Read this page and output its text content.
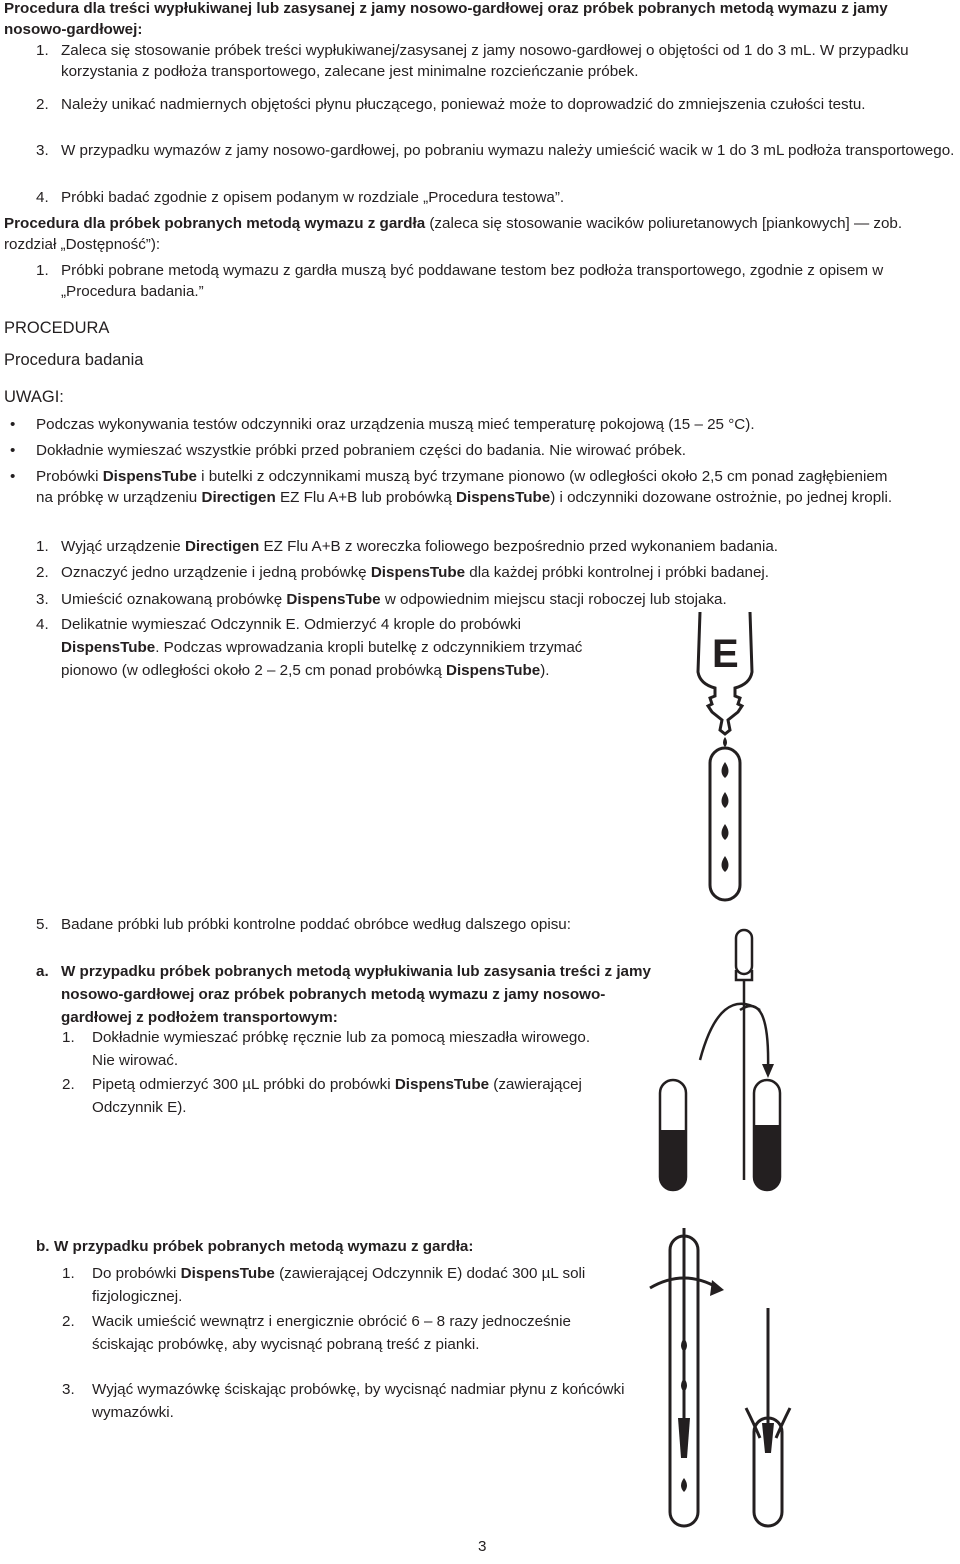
Procedura dla treści wypłukiwanej lub zasysanej z jamy nosowo-gardłowej oraz próbek pobranych metodą wymazu z jamy nosowo-gardłowej:
1. Zaleca się stosowanie próbek treści wypłukiwanej/zasysanej z jamy nosowo-gardłowej o objętości od 1 do 3 mL. W przypadku korzystania z podłoża transportowego, zalecane jest minimalne rozcieńczanie próbek.
2. Należy unikać nadmiernych objętości płynu płuczącego, ponieważ może to doprowadzić do zmniejszenia czułości testu.
3. W przypadku wymazów z jamy nosowo-gardłowej, po pobraniu wymazu należy umieścić wacik w 1 do 3 mL podłoża transportowego.
4. Próbki badać zgodnie z opisem podanym w rozdziale „Procedura testowa”.
Procedura dla próbek pobranych metodą wymazu z gardła (zaleca się stosowanie wacików poliuretanowych [piankowych] — zob. rozdział „Dostępność”):
1. Próbki pobrane metodą wymazu z gardła muszą być poddawane testom bez podłoża transportowego, zgodnie z opisem w „Procedura badania.”
PROCEDURA
Procedura badania
UWAGI:
• Podczas wykonywania testów odczynniki oraz urządzenia muszą mieć temperaturę pokojową (15 – 25 °C).
• Dokładnie wymieszać wszystkie próbki przed pobraniem części do badania. Nie wirować próbek.
• Probówki DispensTube i butelki z odczynnikami muszą być trzymane pionowo (w odległości około 2,5 cm ponad zagłębieniem na próbkę w urządzeniu Directigen EZ Flu A+B lub probówką DispensTube) i odczynniki dozowane ostrożnie, po jednej kropli.
1. Wyjąć urządzenie Directigen EZ Flu A+B z woreczka foliowego bezpośrednio przed wykonaniem badania.
2. Oznaczyć jedno urządzenie i jedną probówkę DispensTube dla każdej próbki kontrolnej i próbki badanej.
3. Umieścić oznakowaną probówkę DispensTube w odpowiednim miejscu stacji roboczej lub stojaka.
4. Delikatnie wymieszać Odczynnik E. Odmierzyć 4 krople do probówki DispensTube. Podczas wprowadzania kropli butelkę z odczynnikiem trzymać pionowo (w odległości około 2 – 2,5 cm ponad probówką DispensTube).	E
5. Badane próbki lub próbki kontrolne poddać obróbce według dalszego opisu:
a. W przypadku próbek pobranych metodą wypłukiwania lub zasysania treści z jamy nosowo-gardłowej oraz próbek pobranych metodą wymazu z jamy nosowo-gardłowej z podłożem transportowym:
1. Dokładnie wymieszać próbkę ręcznie lub za pomocą mieszadła wirowego. Nie wirować.
2. Pipetą odmierzyć 300 µL próbki do probówki DispensTube (zawierającej Odczynnik E).
b. W przypadku próbek pobranych metodą wymazu z gardła:
1. Do probówki DispensTube (zawierającej Odczynnik E) dodać 300 µL soli fizjologicznej.
2. Wacik umieścić wewnątrz i energicznie obrócić 6 – 8 razy jednocześnie ściskając probówkę, aby wycisnąć pobraną treść z pianki.
3. Wyjąć wymazówkę ściskając probówkę, by wycisnąć nadmiar płynu z końcówki wymazówki.
3
